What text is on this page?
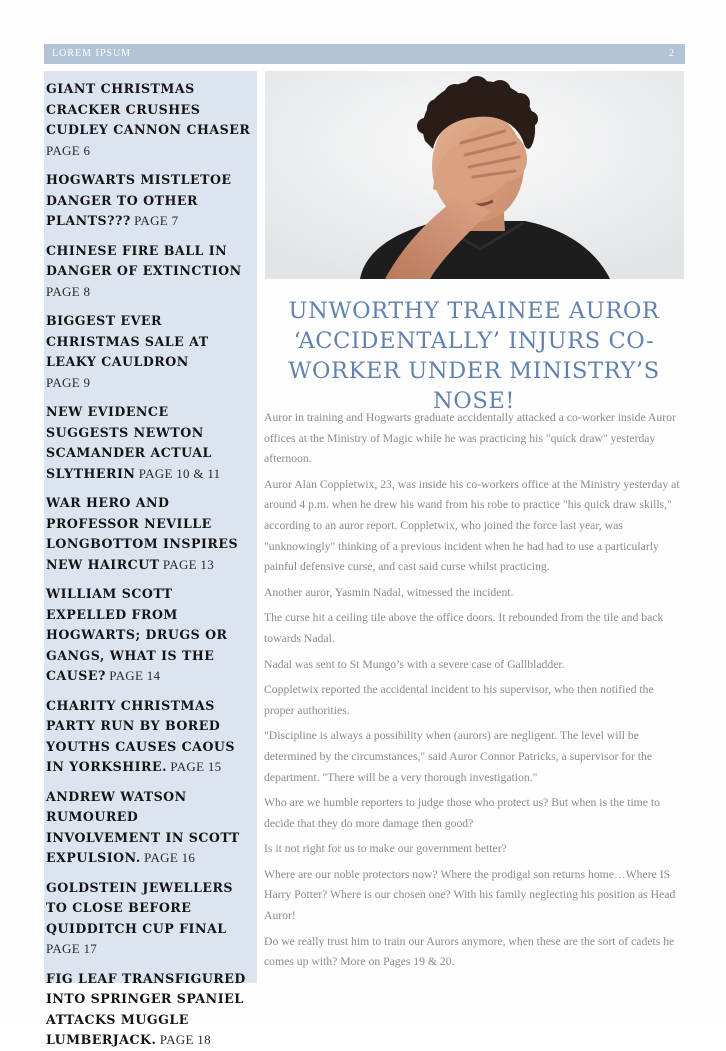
LOREM IPSUM	2
GIANT CHRISTMAS CRACKER CRUSHES CUDLEY CANNON CHASER
PAGE 6
HOGWARTS MISTLETOE DANGER TO OTHER PLANTS??? PAGE 7
CHINESE FIRE BALL IN DANGER OF EXTINCTION
PAGE 8
BIGGEST EVER CHRISTMAS SALE AT LEAKY CAULDRON
PAGE 9
NEW EVIDENCE SUGGESTS NEWTON SCAMANDER ACTUAL SLYTHERIN PAGE 10 & 11
WAR HERO AND PROFESSOR NEVILLE LONGBOTTOM INSPIRES NEW HAIRCUT PAGE 13
WILLIAM SCOTT EXPELLED FROM HOGWARTS; DRUGS OR GANGS, WHAT IS THE CAUSE? PAGE 14
CHARITY CHRISTMAS PARTY RUN BY BORED YOUTHS CAUSES CAOUS IN YORKSHIRE. PAGE 15
ANDREW WATSON RUMOURED INVOLVEMENT IN SCOTT EXPULSION. PAGE 16
GOLDSTEIN JEWELLERS TO CLOSE BEFORE QUIDDITCH CUP FINAL PAGE 17
FIG LEAF TRANSFIGURED INTO SPRINGER SPANIEL ATTACKS MUGGLE LUMBERJACK. PAGE 18
UNWORTHY TRAINEE AUROR ‘ACCIDENTALLY’ INJURS CO-WORKER UNDER MINISTRY’S NOSE!

Auror in training and Hogwarts graduate accidentally attacked a co-worker inside Auror offices at the Ministry of Magic while he was practicing his "quick draw" yesterday afternoon.

Auror Alan Coppletwix, 23, was inside his co-workers office at the Ministry yesterday at around 4 p.m. when he drew his wand from his robe to practice "his quick draw skills," according to an auror report. Coppletwix, who joined the force last year, was "unknowingly" thinking of a previous incident when he had had to use a particularly painful defensive curse, and cast said curse whilst practicing.

Another auror, Yasmin Nadal, witnessed the incident.

The curse hit a ceiling tile above the office doors. It rebounded from the tile and back towards Nadal.

Nadal was sent to St Mungo’s with a severe case of Gallbladder.

Coppletwix reported the accidental incident to his supervisor, who then notified the proper authorities.

"Discipline is always a possibility when (aurors) are negligent. The level will be determined by the circumstances," said Auror Connor Patricks, a supervisor for the department. "There will be a very thorough investigation."

Who are we humble reporters to judge those who protect us? But when is the time to decide that they do more damage then good?

Is it not right for us to make our government better?

Where are our noble protectors now? Where the prodigal son returns home…Where IS Harry Potter? Where is our chosen one? With his family neglecting his position as Head Auror!

Do we really trust him to train our Aurors anymore, when these are the sort of cadets he comes up with? More on Pages 19 & 20.
